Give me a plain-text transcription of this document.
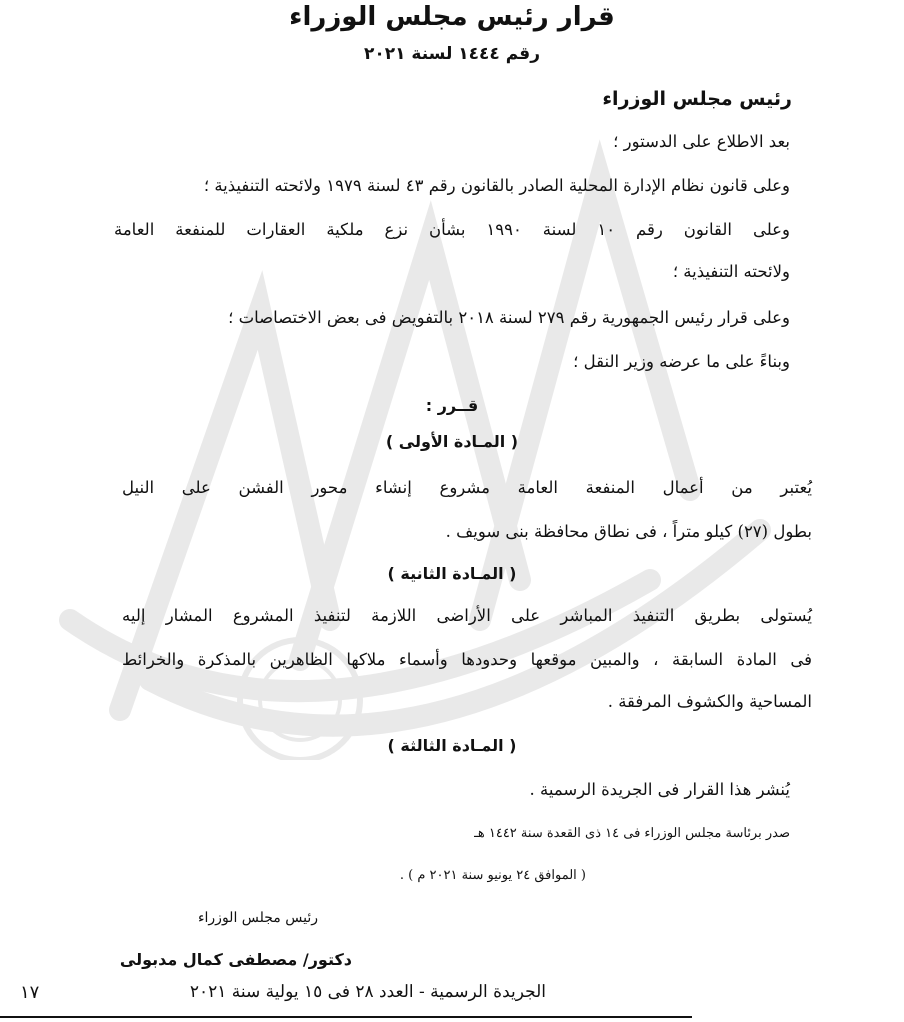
قرار رئيس مجلس الوزراء
رقم ١٤٤٤ لسنة ٢٠٢١
رئيس مجلس الوزراء
بعد الاطلاع على الدستور ؛
وعلى قانون نظام الإدارة المحلية الصادر بالقانون رقم ٤٣ لسنة ١٩٧٩ ولائحته التنفيذية ؛
وعلى القانون رقم ١٠ لسنة ١٩٩٠ بشأن نزع ملكية العقارات للمنفعة العامة
ولائحته التنفيذية ؛
وعلى قرار رئيس الجمهورية رقم ٢٧٩ لسنة ٢٠١٨ بالتفويض فى بعض الاختصاصات ؛
وبناءً على ما عرضه وزير النقل ؛
قــرر :
( المـادة الأولى )
يُعتبر من أعمال المنفعة العامة مشروع إنشاء محور الفشن على النيل
بطول (٢٧) كيلو متراً ، فى نطاق محافظة بنى سويف .
( المـادة الثانية )
يُستولى بطريق التنفيذ المباشر على الأراضى اللازمة لتنفيذ المشروع المشار إليه
فى المادة السابقة ، والمبين موقعها وحدودها وأسماء ملاكها الظاهرين بالمذكرة والخرائط
المساحية والكشوف المرفقة .
( المـادة الثالثة )
يُنشر هذا القرار فى الجريدة الرسمية .
صدر برئاسة مجلس الوزراء فى ١٤ ذى القعدة سنة ١٤٤٢ هـ
( الموافق ٢٤ يونيو سنة ٢٠٢١ م ) .
رئيس مجلس الوزراء
دكتور/ مصطفى كمال مدبولى
الجريدة الرسمية - العدد ٢٨ فى ١٥ يولية سنة ٢٠٢١
١٧
